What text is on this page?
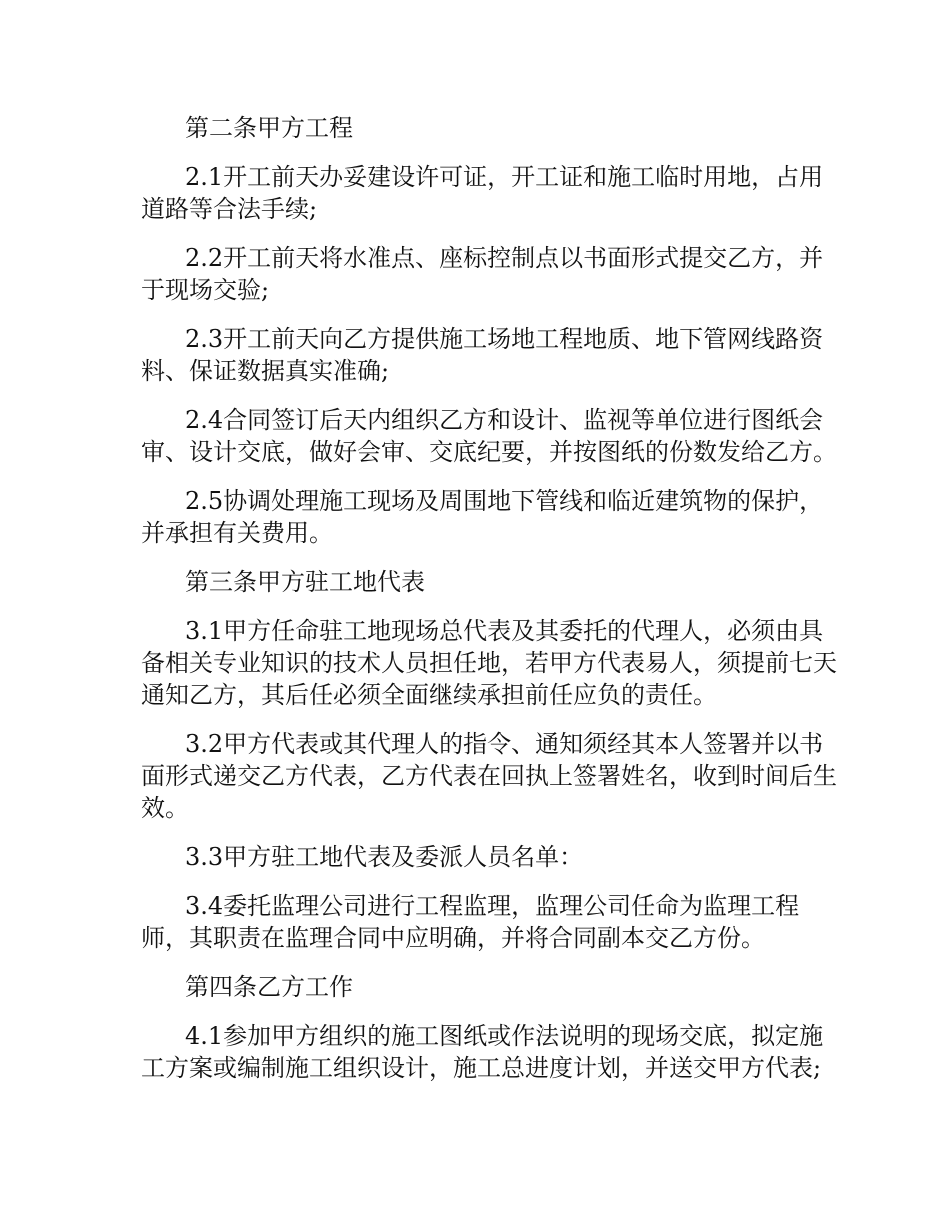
第二条甲方工程

2.1开工前天办妥建设许可证，开工证和施工临时用地，占用道路等合法手续;

2.2开工前天将水准点、座标控制点以书面形式提交乙方，并于现场交验;

2.3开工前天向乙方提供施工场地工程地质、地下管网线路资料、保证数据真实准确;

2.4合同签订后天内组织乙方和设计、监视等单位进行图纸会审、设计交底，做好会审、交底纪要，并按图纸的份数发给乙方。

2.5协调处理施工现场及周围地下管线和临近建筑物的保护，并承担有关费用。

第三条甲方驻工地代表

3.1甲方任命驻工地现场总代表及其委托的代理人，必须由具备相关专业知识的技术人员担任地，若甲方代表易人，须提前七天通知乙方，其后任必须全面继续承担前任应负的责任。

3.2甲方代表或其代理人的指令、通知须经其本人签署并以书面形式递交乙方代表，乙方代表在回执上签署姓名，收到时间后生效。

3.3甲方驻工地代表及委派人员名单：

3.4委托监理公司进行工程监理，监理公司任命为监理工程师，其职责在监理合同中应明确，并将合同副本交乙方份。

第四条乙方工作

4.1参加甲方组织的施工图纸或作法说明的现场交底，拟定施工方案或编制施工组织设计，施工总进度计划，并送交甲方代表;
